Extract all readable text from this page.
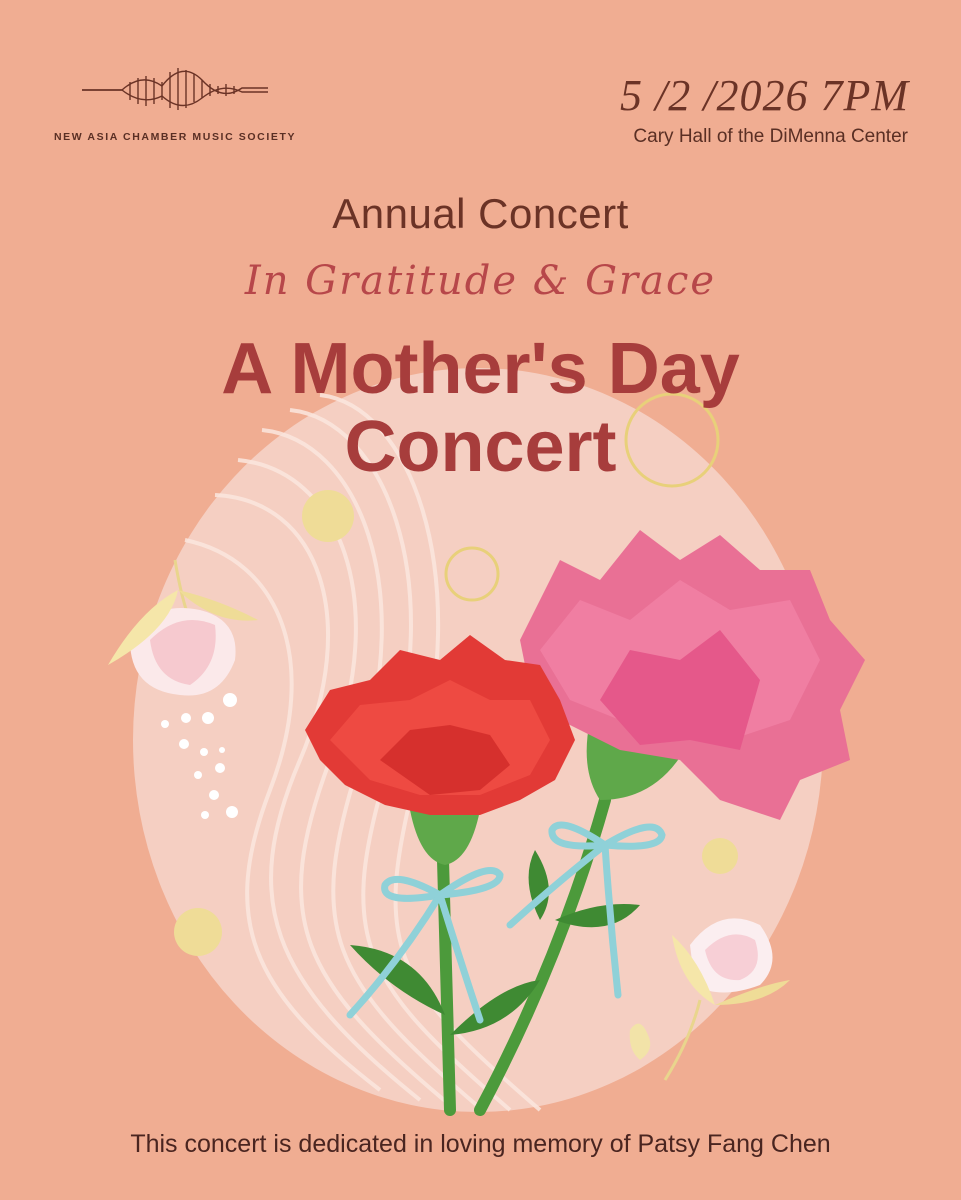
NEW ASIA CHAMBER MUSIC SOCIETY
5 /2 /2026 7PM
Cary Hall of the DiMenna Center
Annual Concert
In Gratitude & Grace
A Mother's Day
Concert
This concert is dedicated in loving memory of Patsy Fang Chen
